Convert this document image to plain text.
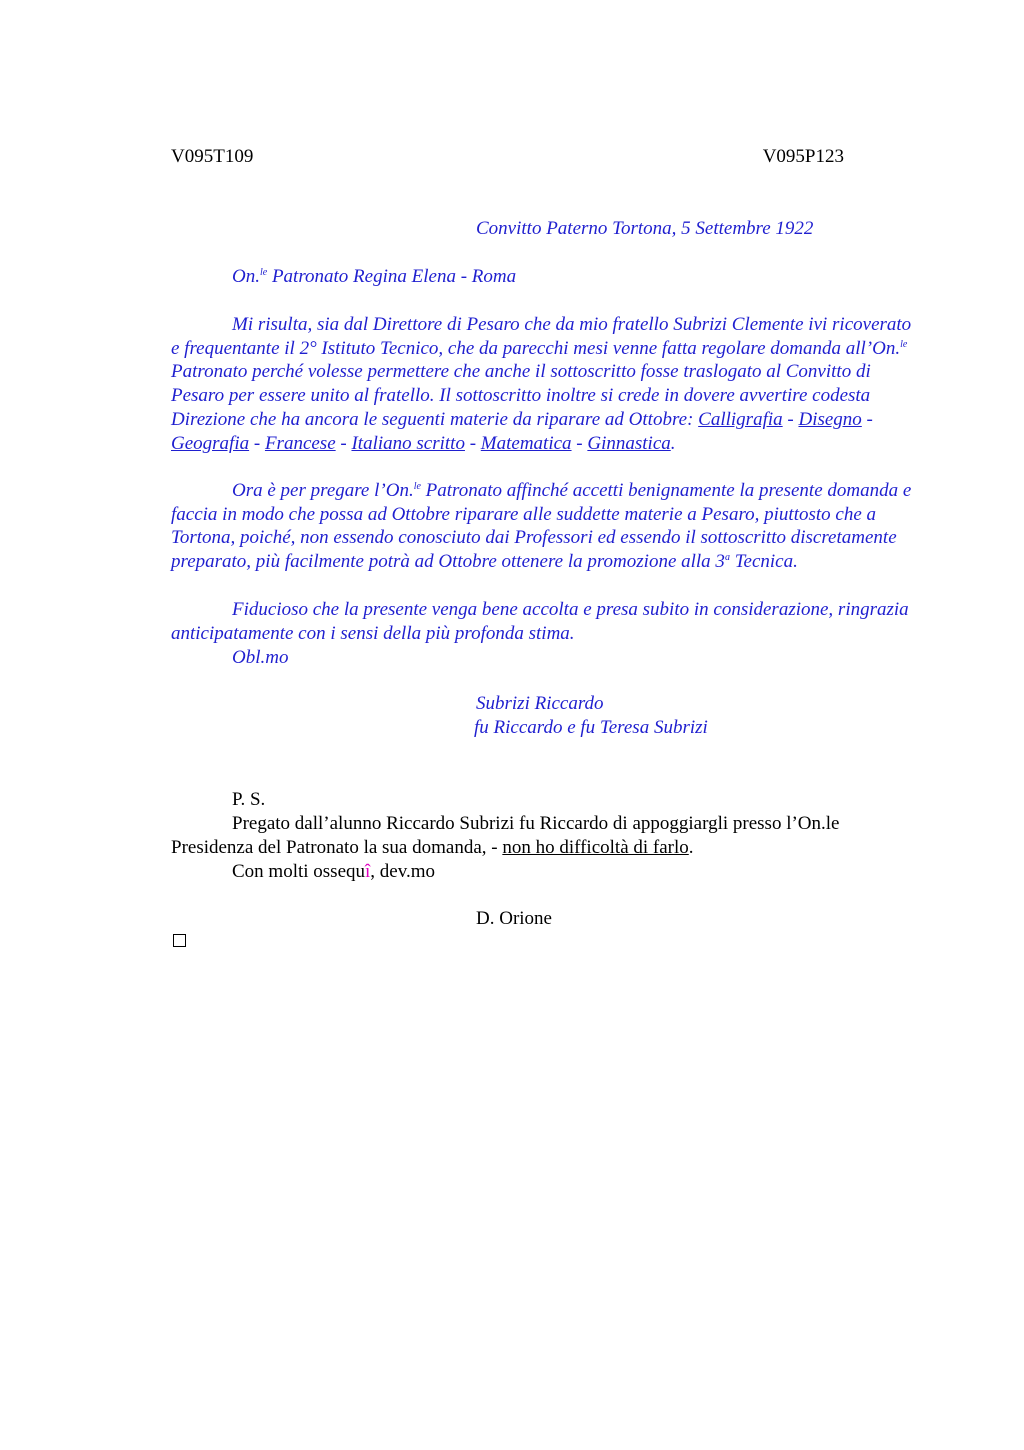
V095T109	V095P123
Convitto Paterno Tortona, 5 Settembre 1922
On.$^{le}$ Patronato Regina Elena - Roma
Mi risulta, sia dal Direttore di Pesaro che da mio fratello Subrizi Clemente ivi ricoverato e frequentante il 2° Istituto Tecnico, che da parecchi mesi venne fatta regolare domanda all’On.$^{le}$ Patronato perché volesse permettere che anche il sottoscritto fosse traslogato al Convitto di Pesaro per essere unito al fratello. Il sottoscritto inoltre si crede in dovere avvertire codesta Direzione che ha ancora le seguenti materie da riparare ad Ottobre: Calligrafia - Disegno - Geografia - Francese - Italiano scritto - Matematica - Ginnastica.
Ora è per pregare l’On.$^{le}$ Patronato affinché accetti benignamente la presente domanda e faccia in modo che possa ad Ottobre riparare alle suddette materie a Pesaro, piuttosto che a Tortona, poiché, non essendo conosciuto dai Professori ed essendo il sottoscritto discretamente preparato, più facilmente potrà ad Ottobre ottenere la promozione alla 3$^a$ Tecnica.
Fiducioso che la presente venga bene accolta e presa subito in considerazione, ringrazia anticipatamente con i sensi della più profonda stima.
Obl.mo
Subrizi Riccardo
fu Riccardo e fu Teresa Subrizi
P. S.
Pregato dall’alunno Riccardo Subrizi fu Riccardo di appoggiargli presso l’On.le Presidenza del Patronato la sua domanda, - non ho difficoltà di farlo.
Con molti ossequî, dev.mo
D. Orione
